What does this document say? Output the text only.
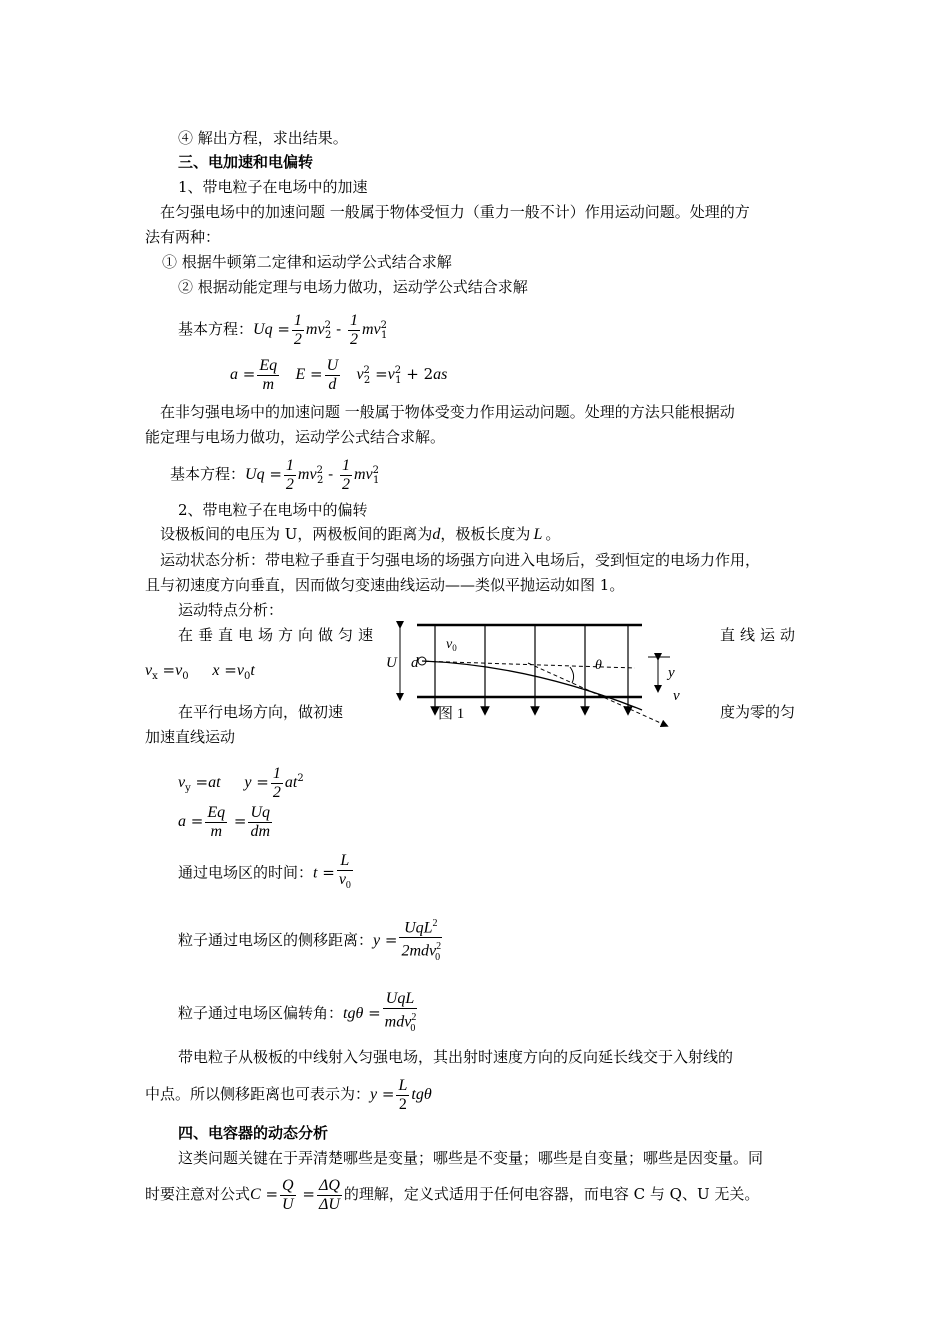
④ 解出方程，求出结果。
三、电加速和电偏转
1、带电粒子在电场中的加速
在匀强电场中的加速问题 一般属于物体受恒力（重力一般不计）作用运动问题。处理的方
法有两种：
① 根据牛顿第二定律和运动学公式结合求解
② 根据动能定理与电场力做功，运动学公式结合求解
基本方程：$Uq = \frac{1}{2} mv^2_2 - \frac{1}{2} mv^2_1$
$a = \frac{Eq}{m}$ $E = \frac{U}{d} v^2_2 =v^2_1 + 2as$
在非匀强电场中的加速问题 一般属于物体受变力作用运动问题。处理的方法只能根据动
能定理与电场力做功，运动学公式结合求解。
基本方程：$Uq = \frac{1}{2} mv^2_2 - \frac{1}{2} mv^2_1$
2、带电粒子在电场中的偏转
设极板间的电压为 U，两极板间的距离为d，极板长度为 L 。
运动状态分析：带电粒子垂直于匀强电场的场强方向进入电场后，受到恒定的电场力作用，
且与初速度方向垂直，因而做匀变速曲线运动——类似平抛运动如图 1。
运动特点分析：
在垂直电场方向做匀速	直线运动
$v_x =v_0$ $x =v_0t$
在平行电场方向，做初速	度为零的匀
加速直线运动
U d
$v_0$
θ	y
v
图 1
$v_y =at$ $y = \frac{1}{2} at^2$
$a = \frac{Eq}{m} = \frac{Uq}{dm}$
通过电场区的时间：$t = \frac{L}{v_0}$
粒子通过电场区的侧移距离：$y = \frac{UqL^2}{2mdv^2_0}$
粒子通过电场区偏转角：$tg\theta = \frac{\text{UqL}}{mdv^2_0}$
带电粒子从极板的中线射入匀强电场，其出射时速度方向的反向延长线交于入射线的
中点。所以侧移距离也可表示为：$y = \frac{L}{2}$ tgθ
四、电容器的动态分析
这类问题关键在于弄清楚哪些是变量；哪些是不变量；哪些是自变量；哪些是因变量。同
时要注意对公式$C = \frac{Q}{U} = \frac{\Delta Q}{\Delta U}$ 的理解，定义式适用于任何电容器，而电容 C 与 Q、U 无关。
